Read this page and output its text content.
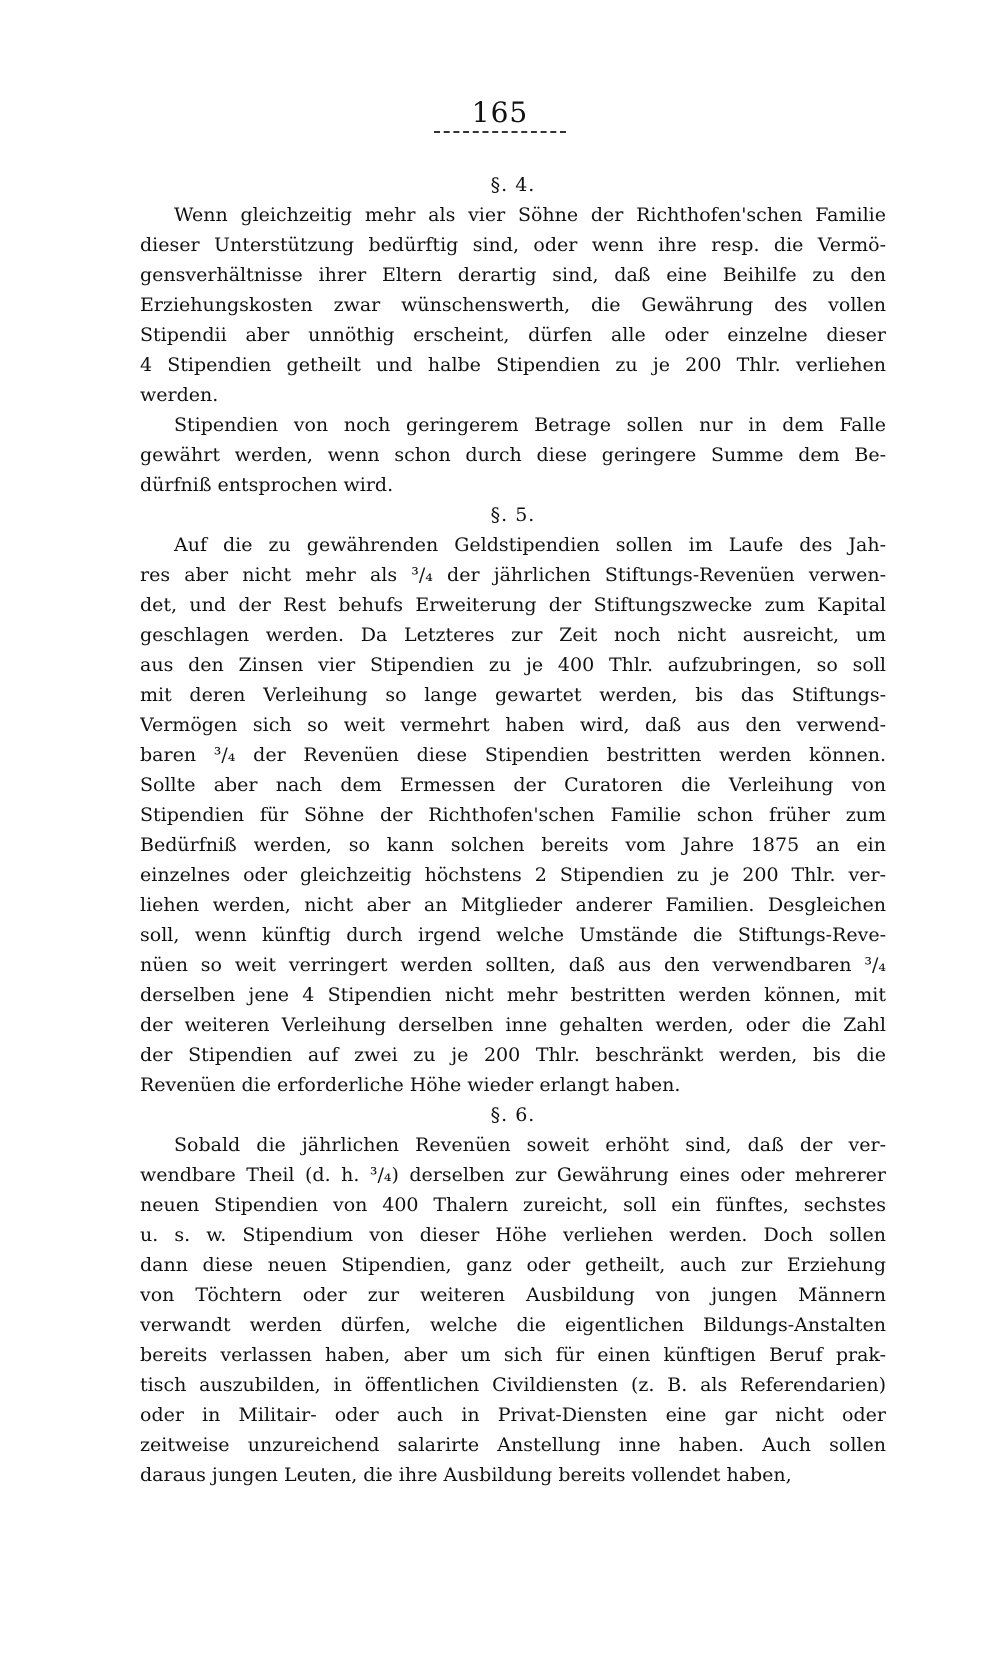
165
§. 4.
Wenn gleichzeitig mehr als vier Söhne der Richthofen'schen Familie
dieser Unterstützung bedürftig sind, oder wenn ihre resp. die Vermö-
gensverhältnisse ihrer Eltern derartig sind, daß eine Beihilfe zu den
Erziehungskosten zwar wünschenswerth, die Gewährung des vollen
Stipendii aber unnöthig erscheint, dürfen alle oder einzelne dieser
4 Stipendien getheilt und halbe Stipendien zu je 200 Thlr. verliehen
werden.
Stipendien von noch geringerem Betrage sollen nur in dem Falle
gewährt werden, wenn schon durch diese geringere Summe dem Be-
dürfniß entsprochen wird.
§. 5.
Auf die zu gewährenden Geldstipendien sollen im Laufe des Jah-
res aber nicht mehr als ³/₄ der jährlichen Stiftungs-Revenüen verwen-
det, und der Rest behufs Erweiterung der Stiftungszwecke zum Kapital
geschlagen werden. Da Letzteres zur Zeit noch nicht ausreicht, um
aus den Zinsen vier Stipendien zu je 400 Thlr. aufzubringen, so soll
mit deren Verleihung so lange gewartet werden, bis das Stiftungs-
Vermögen sich so weit vermehrt haben wird, daß aus den verwend-
baren ³/₄ der Revenüen diese Stipendien bestritten werden können.
Sollte aber nach dem Ermessen der Curatoren die Verleihung von
Stipendien für Söhne der Richthofen'schen Familie schon früher zum
Bedürfniß werden, so kann solchen bereits vom Jahre 1875 an ein
einzelnes oder gleichzeitig höchstens 2 Stipendien zu je 200 Thlr. ver-
liehen werden, nicht aber an Mitglieder anderer Familien. Desgleichen
soll, wenn künftig durch irgend welche Umstände die Stiftungs-Reve-
nüen so weit verringert werden sollten, daß aus den verwendbaren ³/₄
derselben jene 4 Stipendien nicht mehr bestritten werden können, mit
der weiteren Verleihung derselben inne gehalten werden, oder die Zahl
der Stipendien auf zwei zu je 200 Thlr. beschränkt werden, bis die
Revenüen die erforderliche Höhe wieder erlangt haben.
§. 6.
Sobald die jährlichen Revenüen soweit erhöht sind, daß der ver-
wendbare Theil (d. h. ³/₄) derselben zur Gewährung eines oder mehrerer
neuen Stipendien von 400 Thalern zureicht, soll ein fünftes, sechstes
u. s. w. Stipendium von dieser Höhe verliehen werden. Doch sollen
dann diese neuen Stipendien, ganz oder getheilt, auch zur Erziehung
von Töchtern oder zur weiteren Ausbildung von jungen Männern
verwandt werden dürfen, welche die eigentlichen Bildungs-Anstalten
bereits verlassen haben, aber um sich für einen künftigen Beruf prak-
tisch auszubilden, in öffentlichen Civildiensten (z. B. als Referendarien)
oder in Militair- oder auch in Privat-Diensten eine gar nicht oder
zeitweise unzureichend salarirte Anstellung inne haben. Auch sollen
daraus jungen Leuten, die ihre Ausbildung bereits vollendet haben,
